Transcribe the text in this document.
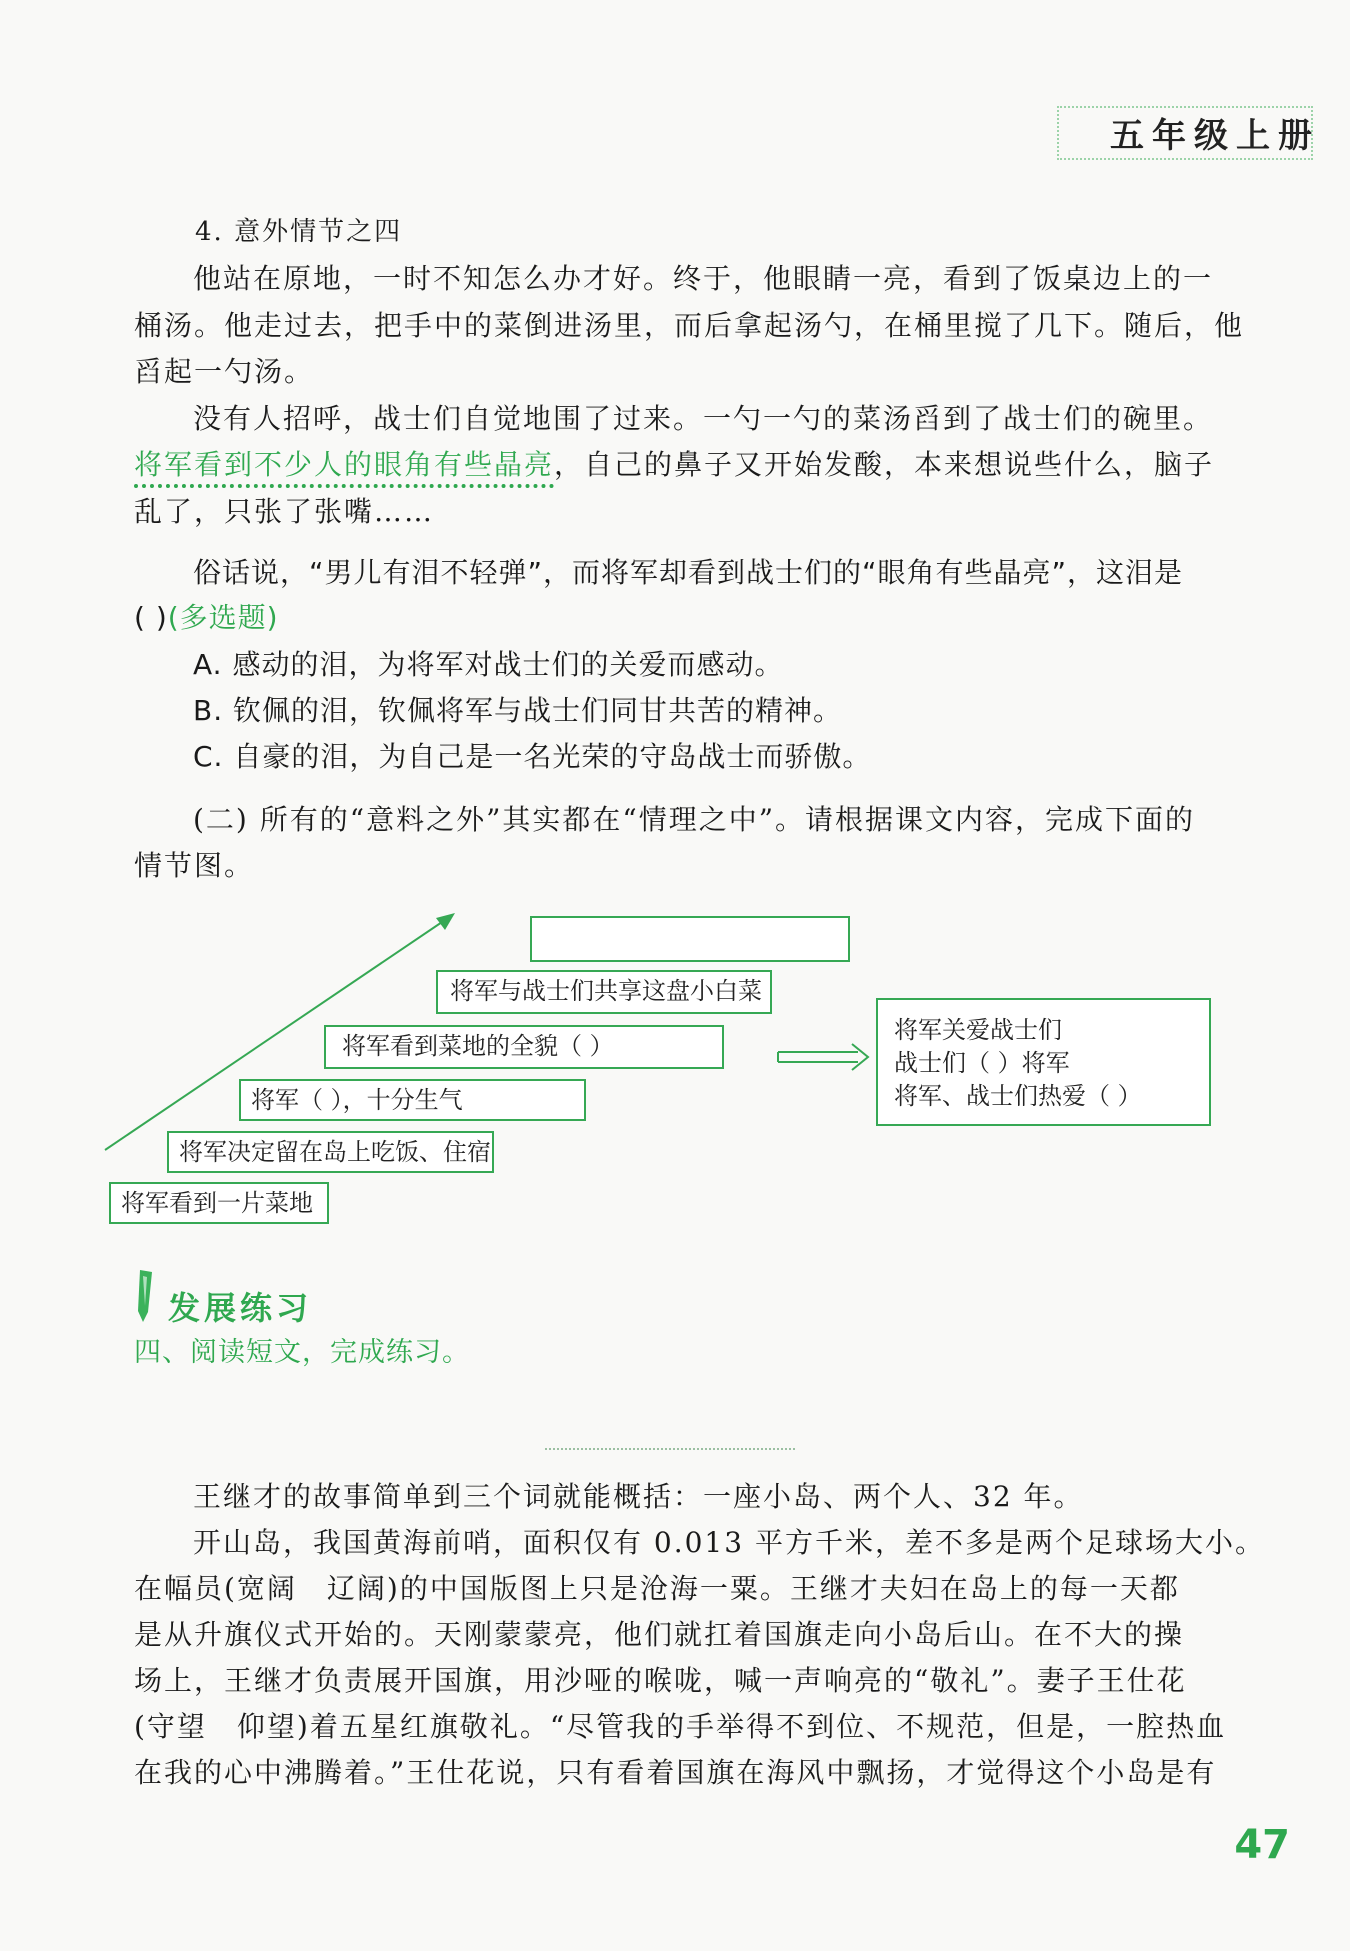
五年级上册
4. 意外情节之四
他站在原地，一时不知怎么办才好。终于，他眼睛一亮，看到了饭桌边上的一
桶汤。他走过去，把手中的菜倒进汤里，而后拿起汤勺，在桶里搅了几下。随后，他
舀起一勺汤。
没有人招呼，战士们自觉地围了过来。一勺一勺的菜汤舀到了战士们的碗里。
将军看到不少人的眼角有些晶亮，自己的鼻子又开始发酸，本来想说些什么，脑子
乱了，只张了张嘴……
俗话说，“男儿有泪不轻弹”，而将军却看到战士们的“眼角有些晶亮”，这泪是
( )(多选题)
A. 感动的泪，为将军对战士们的关爱而感动。
B. 钦佩的泪，钦佩将军与战士们同甘共苦的精神。
C. 自豪的泪，为自己是一名光荣的守岛战士而骄傲。
(二) 所有的“意料之外”其实都在“情理之中”。请根据课文内容，完成下面的
情节图。
将军看到一片菜地
将军决定留在岛上吃饭、住宿
将军（ ），十分生气
将军看到菜地的全貌（ ）
将军与战士们共享这盘小白菜
将军关爱战士们
战士们（ ）将军
将军、战士们热爱（ ）
发展练习
四、阅读短文，完成练习。
王继才的故事简单到三个词就能概括：一座小岛、两个人、32 年。
开山岛，我国黄海前哨，面积仅有 0.013 平方千米，差不多是两个足球场大小。
在幅员(宽阔　辽阔)的中国版图上只是沧海一粟。王继才夫妇在岛上的每一天都
是从升旗仪式开始的。天刚蒙蒙亮，他们就扛着国旗走向小岛后山。在不大的操
场上，王继才负责展开国旗，用沙哑的喉咙，喊一声响亮的“敬礼”。妻子王仕花
(守望　仰望)着五星红旗敬礼。“尽管我的手举得不到位、不规范，但是，一腔热血
在我的心中沸腾着。”王仕花说，只有看着国旗在海风中飘扬，才觉得这个小岛是有
47
